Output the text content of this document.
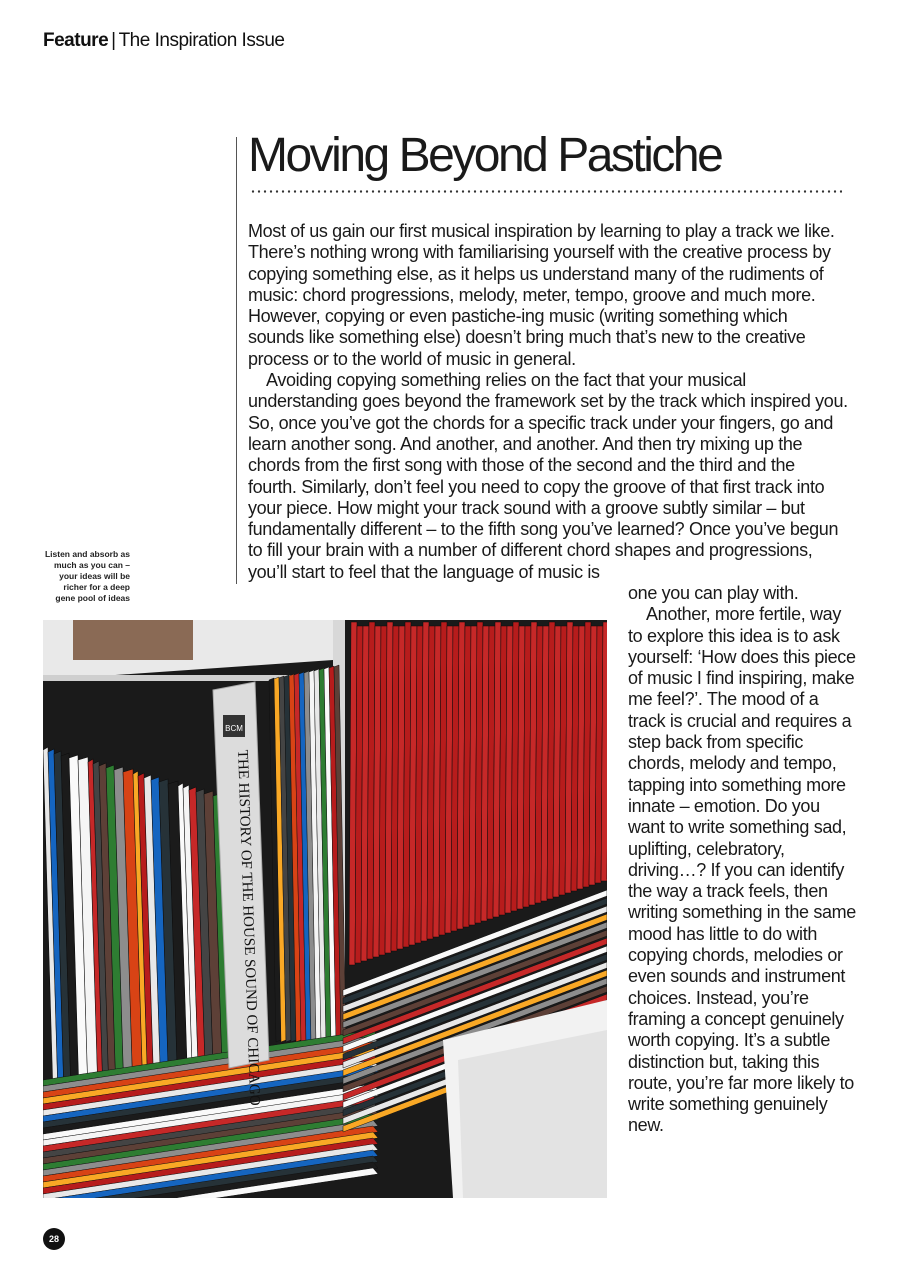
Feature | The Inspiration Issue
Moving Beyond Pastiche

Most of us gain our first musical inspiration by learning to play a track we like. There’s nothing wrong with familiarising yourself with the creative process by copying something else, as it helps us understand many of the rudiments of music: chord progressions, melody, meter, tempo, groove and much more. However, copying or even pastiche-ing music (writing something which sounds like something else) doesn’t bring much that’s new to the creative process or to the world of music in general.

Avoiding copying something relies on the fact that your musical understanding goes beyond the framework set by the track which inspired you. So, once you’ve got the chords for a specific track under your fingers, go and learn another song. And another, and another. And then try mixing up the chords from the first song with those of the second and the third and the fourth. Similarly, don’t feel you need to copy the groove of that first track into your piece. How might your track sound with a groove subtly similar – but fundamentally different – to the fifth song you’ve learned? Once you’ve begun to fill your brain with a number of different chord shapes and progressions, you’ll start to feel that the language of music is

Listen and absorb as much as you can – your ideas will be richer for a deep gene pool of ideas
BCM
THE HISTORY OF THE HOUSE SOUND OF CHICAGO

one you can play with.

Another, more fertile, way to explore this idea is to ask yourself: ‘How does this piece of music I find inspiring, make me feel?’. The mood of a track is crucial and requires a step back from specific chords, melody and tempo, tapping into something more innate – emotion. Do you want to write something sad, uplifting, celebratory, driving…? If you can identify the way a track feels, then writing something in the same mood has little to do with copying chords, melodies or even sounds and instrument choices. Instead, you’re framing a concept genuinely worth copying. It’s a subtle distinction but, taking this route, you’re far more likely to write something genuinely new.

28
